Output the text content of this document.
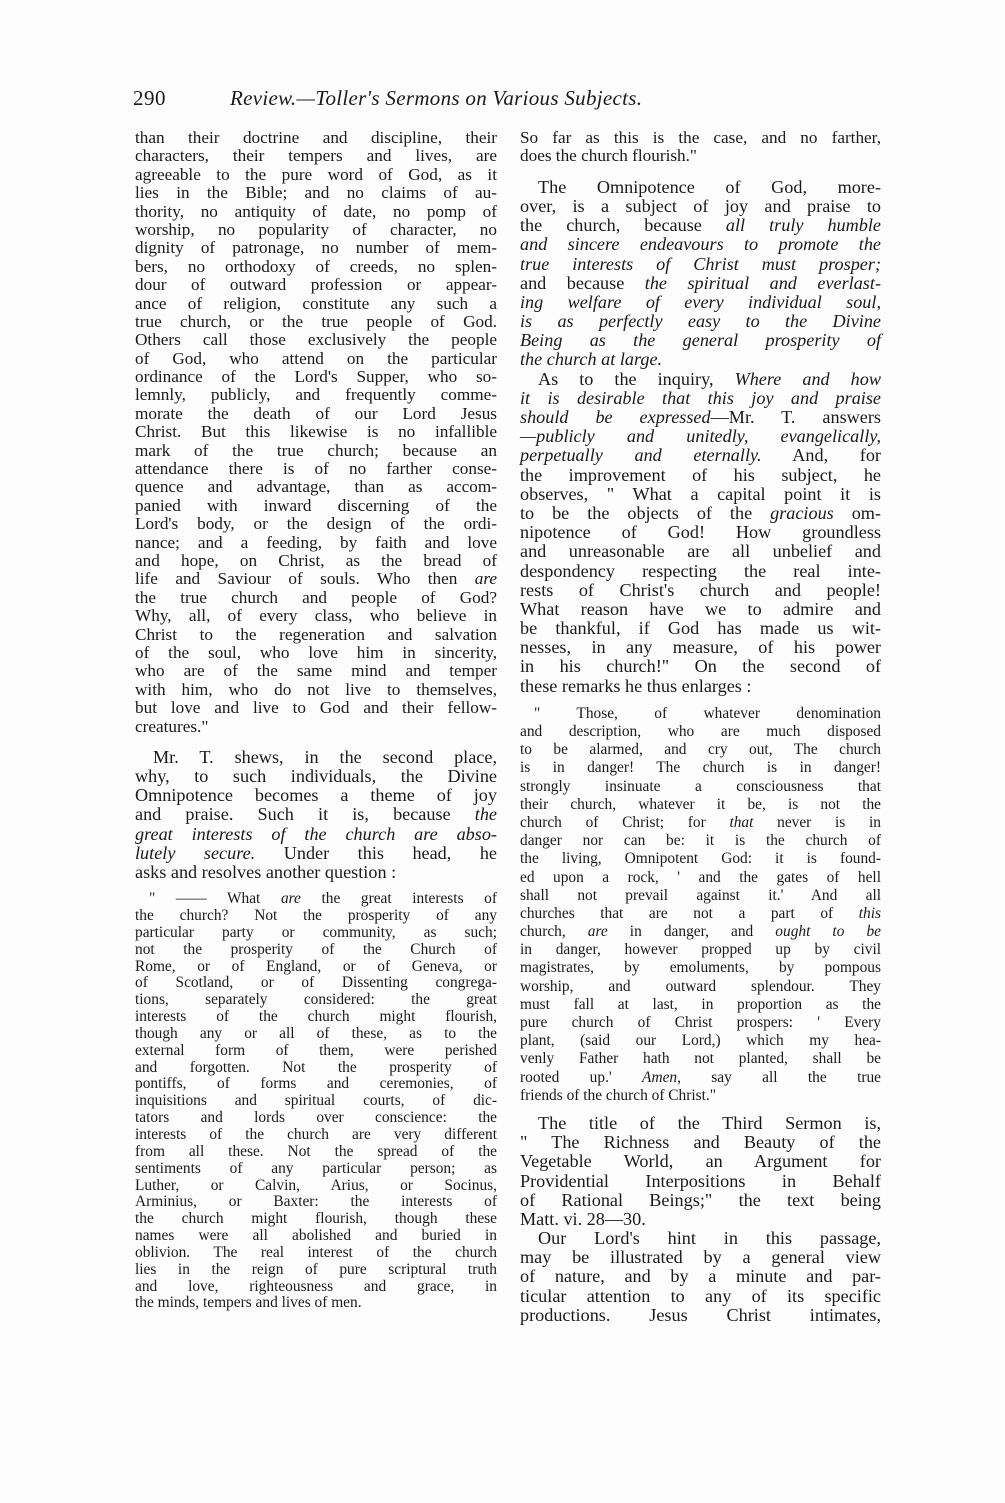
290	Review.—Toller's Sermons on Various Subjects.
than their doctrine and discipline, their
characters, their tempers and lives, are
agreeable to the pure word of God, as it
lies in the Bible; and no claims of au-
thority, no antiquity of date, no pomp of
worship, no popularity of character, no
dignity of patronage, no number of mem-
bers, no orthodoxy of creeds, no splen-
dour of outward profession or appear-
ance of religion, constitute any such a
true church, or the true people of God.
Others call those exclusively the people
of God, who attend on the particular
ordinance of the Lord's Supper, who so-
lemnly, publicly, and frequently comme-
morate the death of our Lord Jesus
Christ. But this likewise is no infallible
mark of the true church; because an
attendance there is of no farther conse-
quence and advantage, than as accom-
panied with inward discerning of the
Lord's body, or the design of the ordi-
nance; and a feeding, by faith and love
and hope, on Christ, as the bread of
life and Saviour of souls. Who then are
the true church and people of God?
Why, all, of every class, who believe in
Christ to the regeneration and salvation
of the soul, who love him in sincerity,
who are of the same mind and temper
with him, who do not live to themselves,
but love and live to God and their fellow-
creatures."
Mr. T. shews, in the second place,
why, to such individuals, the Divine
Omnipotence becomes a theme of joy
and praise. Such it is, because the
great interests of the church are abso-
lutely secure. Under this head, he
asks and resolves another question :
" —— What are the great interests of
the church? Not the prosperity of any
particular party or community, as such;
not the prosperity of the Church of
Rome, or of England, or of Geneva, or
of Scotland, or of Dissenting congrega-
tions, separately considered: the great
interests of the church might flourish,
though any or all of these, as to the
external form of them, were perished
and forgotten. Not the prosperity of
pontiffs, of forms and ceremonies, of
inquisitions and spiritual courts, of dic-
tators and lords over conscience: the
interests of the church are very different
from all these. Not the spread of the
sentiments of any particular person; as
Luther, or Calvin, Arius, or Socinus,
Arminius, or Baxter: the interests of
the church might flourish, though these
names were all abolished and buried in
oblivion. The real interest of the church
lies in the reign of pure scriptural truth
and love, righteousness and grace, in
the minds, tempers and lives of men.
So far as this is the case, and no farther,
does the church flourish."
The Omnipotence of God, more-
over, is a subject of joy and praise to
the church, because all truly humble
and sincere endeavours to promote the
true interests of Christ must prosper;
and because the spiritual and everlast-
ing welfare of every individual soul,
is as perfectly easy to the Divine
Being as the general prosperity of
the church at large.
As to the inquiry, Where and how
it is desirable that this joy and praise
should be expressed—Mr. T. answers
—publicly and unitedly, evangelically,
perpetually and eternally. And, for
the improvement of his subject, he
observes, " What a capital point it is
to be the objects of the gracious om-
nipotence of God! How groundless
and unreasonable are all unbelief and
despondency respecting the real inte-
rests of Christ's church and people!
What reason have we to admire and
be thankful, if God has made us wit-
nesses, in any measure, of his power
in his church!" On the second of
these remarks he thus enlarges :
" Those, of whatever denomination
and description, who are much disposed
to be alarmed, and cry out, The church
is in danger! The church is in danger!
strongly insinuate a consciousness that
their church, whatever it be, is not the
church of Christ; for that never is in
danger nor can be: it is the church of
the living, Omnipotent God: it is found-
ed upon a rock, ' and the gates of hell
shall not prevail against it.' And all
churches that are not a part of this
church, are in danger, and ought to be
in danger, however propped up by civil
magistrates, by emoluments, by pompous
worship, and outward splendour. They
must fall at last, in proportion as the
pure church of Christ prospers: ' Every
plant, (said our Lord,) which my hea-
venly Father hath not planted, shall be
rooted up.' Amen, say all the true
friends of the church of Christ."
The title of the Third Sermon is,
" The Richness and Beauty of the
Vegetable World, an Argument for
Providential Interpositions in Behalf
of Rational Beings;" the text being
Matt. vi. 28—30.
Our Lord's hint in this passage,
may be illustrated by a general view
of nature, and by a minute and par-
ticular attention to any of its specific
productions. Jesus Christ intimates,
